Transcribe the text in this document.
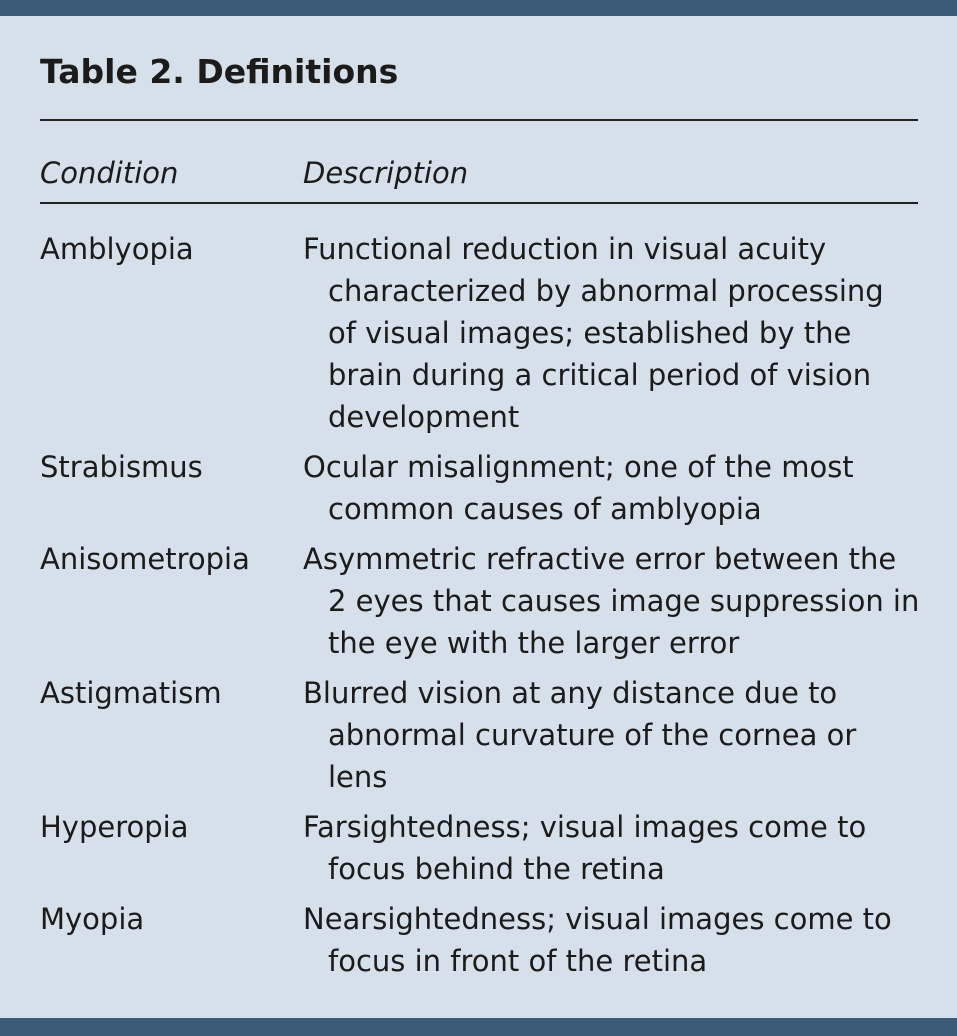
Table 2. Definitions
Condition	Description
Amblyopia	Functional reduction in visual acuity characterized by abnormal processing of visual images; established by the brain during a critical period of vision development
Strabismus	Ocular misalignment; one of the most common causes of amblyopia
Anisometropia	Asymmetric refractive error between the 2 eyes that causes image suppression in the eye with the larger error
Astigmatism	Blurred vision at any distance due to abnormal curvature of the cornea or lens
Hyperopia	Farsightedness; visual images come to focus behind the retina
Myopia	Nearsightedness; visual images come to focus in front of the retina
